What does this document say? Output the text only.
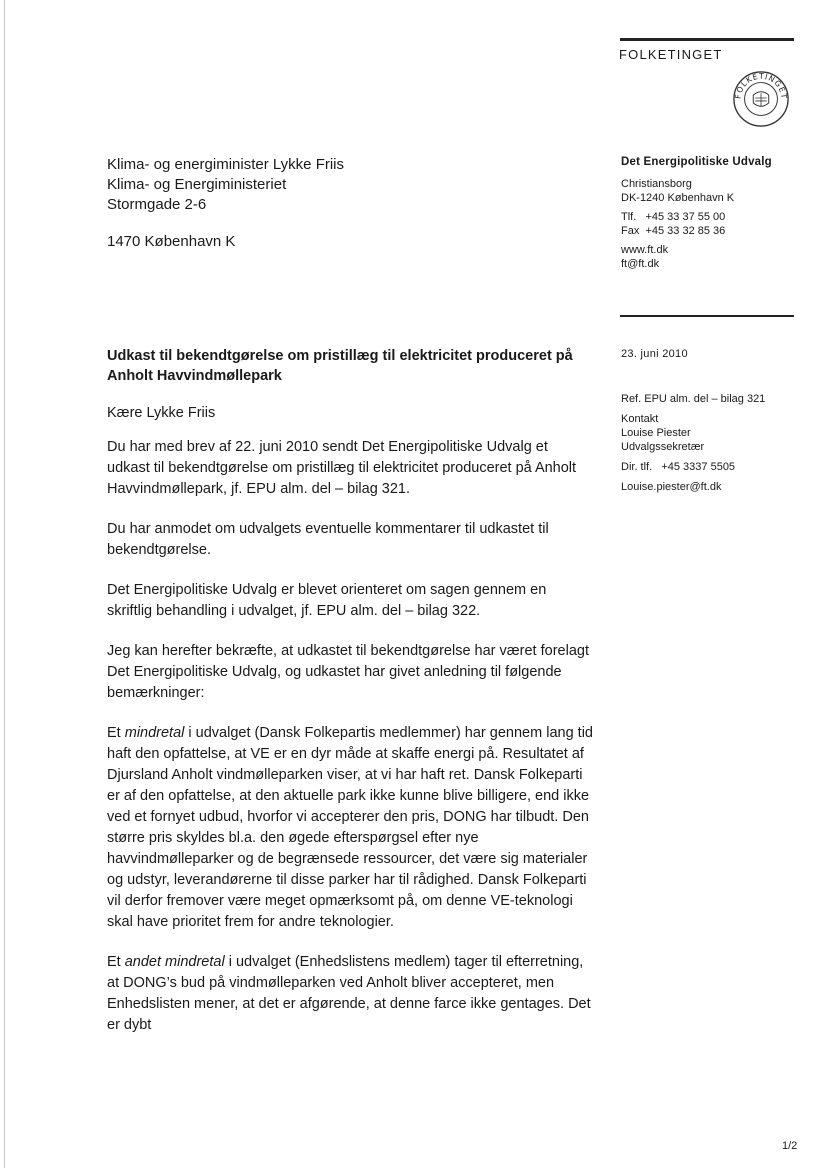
FOLKETINGET
FOLKETINGET
Klima- og energiminister Lykke Friis
Klima- og Energiministeriet
Stormgade 2-6
1470 København K
Det Energipolitiske Udvalg
Christiansborg
DK-1240 København K
Tlf.   +45 33 37 55 00
Fax  +45 33 32 85 36
www.ft.dk
ft@ft.dk
23. juni 2010
Ref. EPU alm. del – bilag 321
Kontakt
Louise Piester
Udvalgssekretær
Dir. tlf.   +45 3337 5505
Louise.piester@ft.dk
Udkast til bekendtgørelse om pristillæg til elektricitet produceret på Anholt Havvindmøllepark

Kære Lykke Friis

Du har med brev af 22. juni 2010 sendt Det Energipolitiske Udvalg et udkast til bekendtgørelse om pristillæg til elektricitet produceret på Anholt Havvindmøllepark, jf. EPU alm. del – bilag 321.

Du har anmodet om udvalgets eventuelle kommentarer til udkastet til bekendtgørelse.

Det Energipolitiske Udvalg er blevet orienteret om sagen gennem en skriftlig behandling i udvalget, jf. EPU alm. del – bilag 322.

Jeg kan herefter bekræfte, at udkastet til bekendtgørelse har været forelagt Det Energipolitiske Udvalg, og udkastet har givet anledning til følgende bemærkninger:

Et mindretal i udvalget (Dansk Folkepartis medlemmer) har gennem lang tid haft den opfattelse, at VE er en dyr måde at skaffe energi på. Resultatet af Djursland Anholt vindmølleparken viser, at vi har haft ret. Dansk Folkeparti er af den opfattelse, at den aktuelle park ikke kunne blive billigere, end ikke ved et fornyet udbud, hvorfor vi accepterer den pris, DONG har tilbudt. Den større pris skyldes bl.a. den øgede efterspørgsel efter nye havvindmølleparker og de begrænsede ressourcer, det være sig materialer og udstyr, leverandørerne til disse parker har til rådighed. Dansk Folkeparti vil derfor fremover være meget opmærksomt på, om denne VE-teknologi skal have prioritet frem for andre teknologier.

Et andet mindretal i udvalget (Enhedslistens medlem) tager til efterretning, at DONG’s bud på vindmølleparken ved Anholt bliver accepteret, men Enhedslisten mener, at det er afgørende, at denne farce ikke gentages. Det er dybt

1/2
